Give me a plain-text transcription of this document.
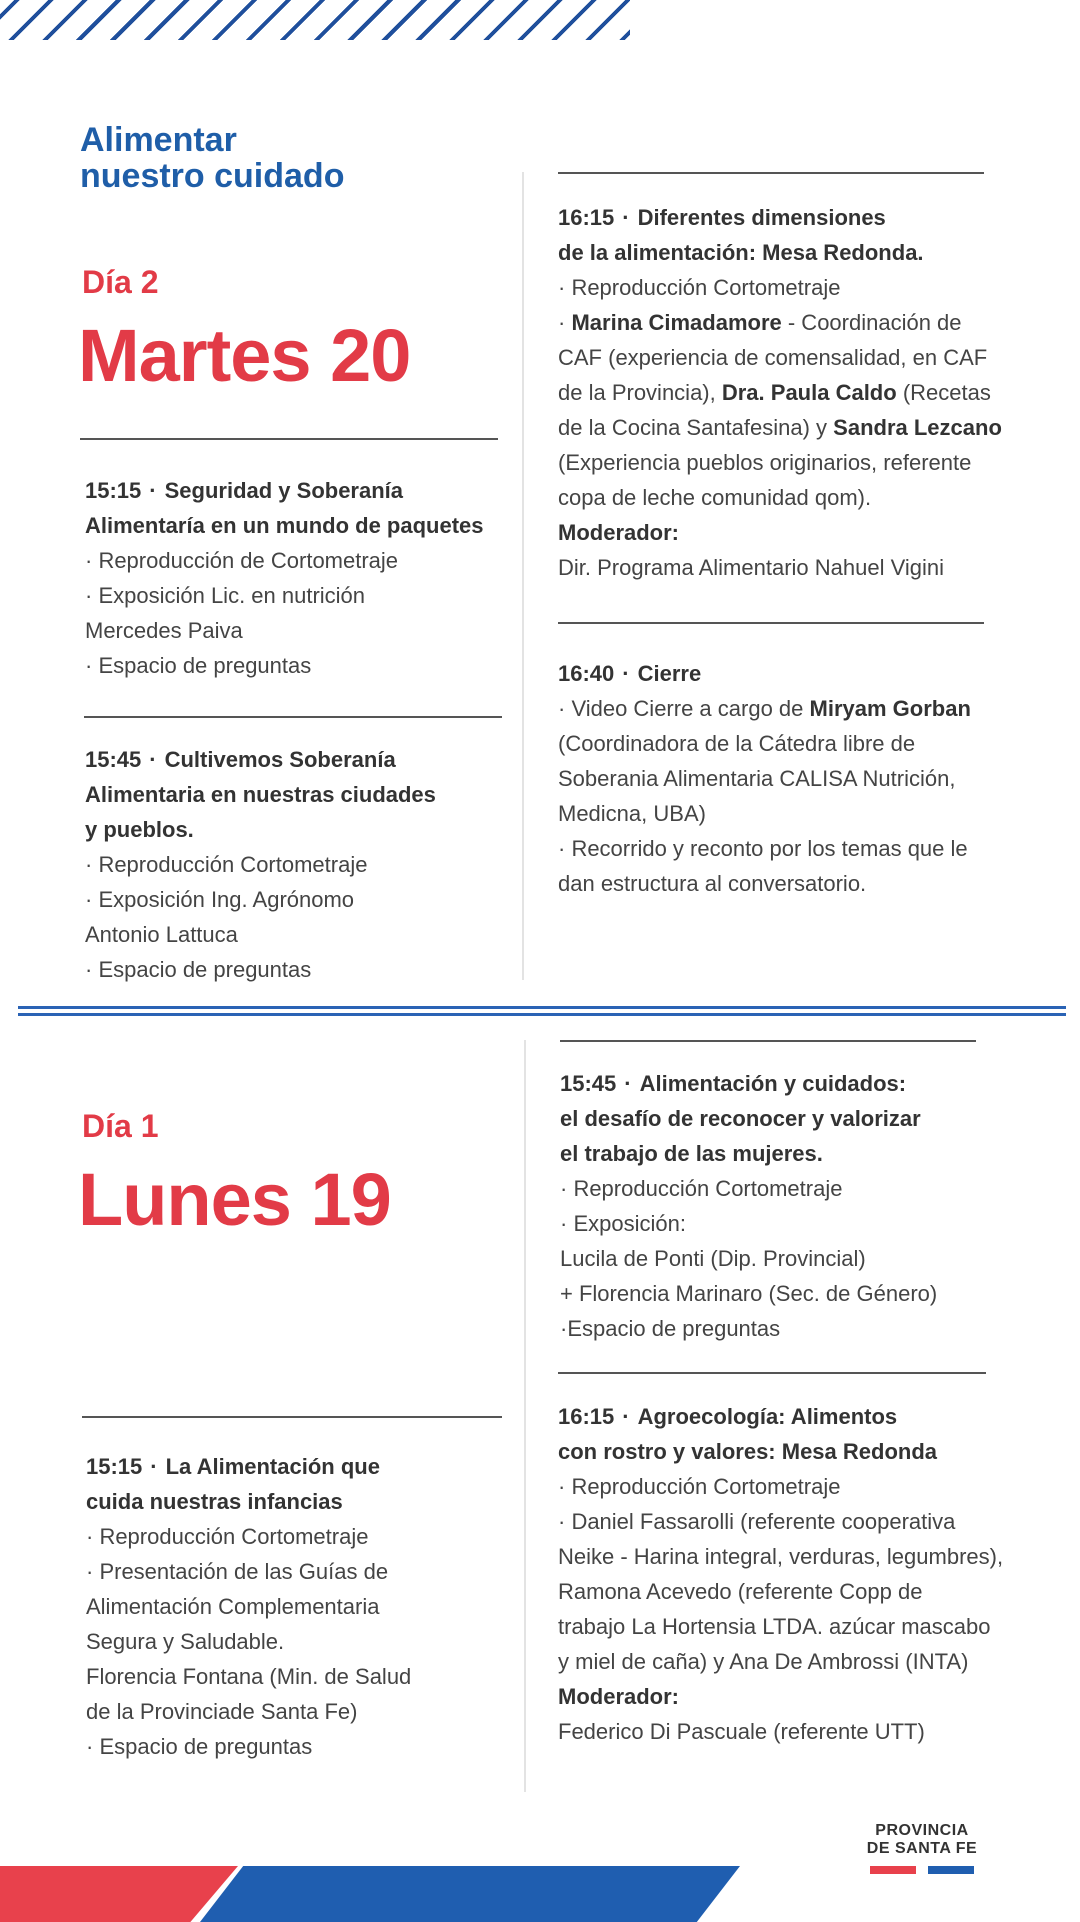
Alimentar
nuestro cuidado
Día 2
Martes 20
15:15 · Seguridad y Soberanía
Alimentaría en un mundo de paquetes

· Reproducción de Cortometraje

· Exposición Lic. en nutrición

Mercedes Paiva

· Espacio de preguntas

15:45 · Cultivemos Soberanía
Alimentaria en nuestras ciudades
y pueblos.

· Reproducción Cortometraje

· Exposición Ing. Agrónomo

Antonio Lattuca

· Espacio de preguntas

16:15 · Diferentes dimensiones
de la alimentación: Mesa Redonda.

· Reproducción Cortometraje

· Marina Cimadamore - Coordinación de

CAF (experiencia de comensalidad, en CAF

de la Provincia), Dra. Paula Caldo (Recetas

de la Cocina Santafesina) y Sandra Lezcano

(Experiencia pueblos originarios, referente

copa de leche comunidad qom).

Moderador:

Dir. Programa Alimentario Nahuel Vigini

16:40 · Cierre

· Video Cierre a cargo de Miryam Gorban

(Coordinadora de la Cátedra libre de

Soberania Alimentaria CALISA Nutrición,

Medicna, UBA)

· Recorrido y reconto por los temas que le

dan estructura al conversatorio.

Día 1
Lunes 19
15:45 · Alimentación y cuidados:
el desafío de reconocer y valorizar
el trabajo de las mujeres.

· Reproducción Cortometraje

· Exposición:

Lucila de Ponti (Dip. Provincial)

+ Florencia Marinaro (Sec. de Género)

·Espacio de preguntas

16:15 · Agroecología: Alimentos
con rostro y valores: Mesa Redonda

· Reproducción Cortometraje

· Daniel Fassarolli (referente cooperativa

Neike - Harina integral, verduras, legumbres),

Ramona Acevedo (referente Copp de

trabajo La Hortensia LTDA. azúcar mascabo

y miel de caña) y Ana De Ambrossi (INTA)

Moderador:

Federico Di Pascuale (referente UTT)

15:15 · La Alimentación que
cuida nuestras infancias

· Reproducción Cortometraje

· Presentación de las Guías de

Alimentación Complementaria

Segura y Saludable.

Florencia Fontana (Min. de Salud

de la Provinciade Santa Fe)

· Espacio de preguntas

PROVINCIA
DE SANTA FE
